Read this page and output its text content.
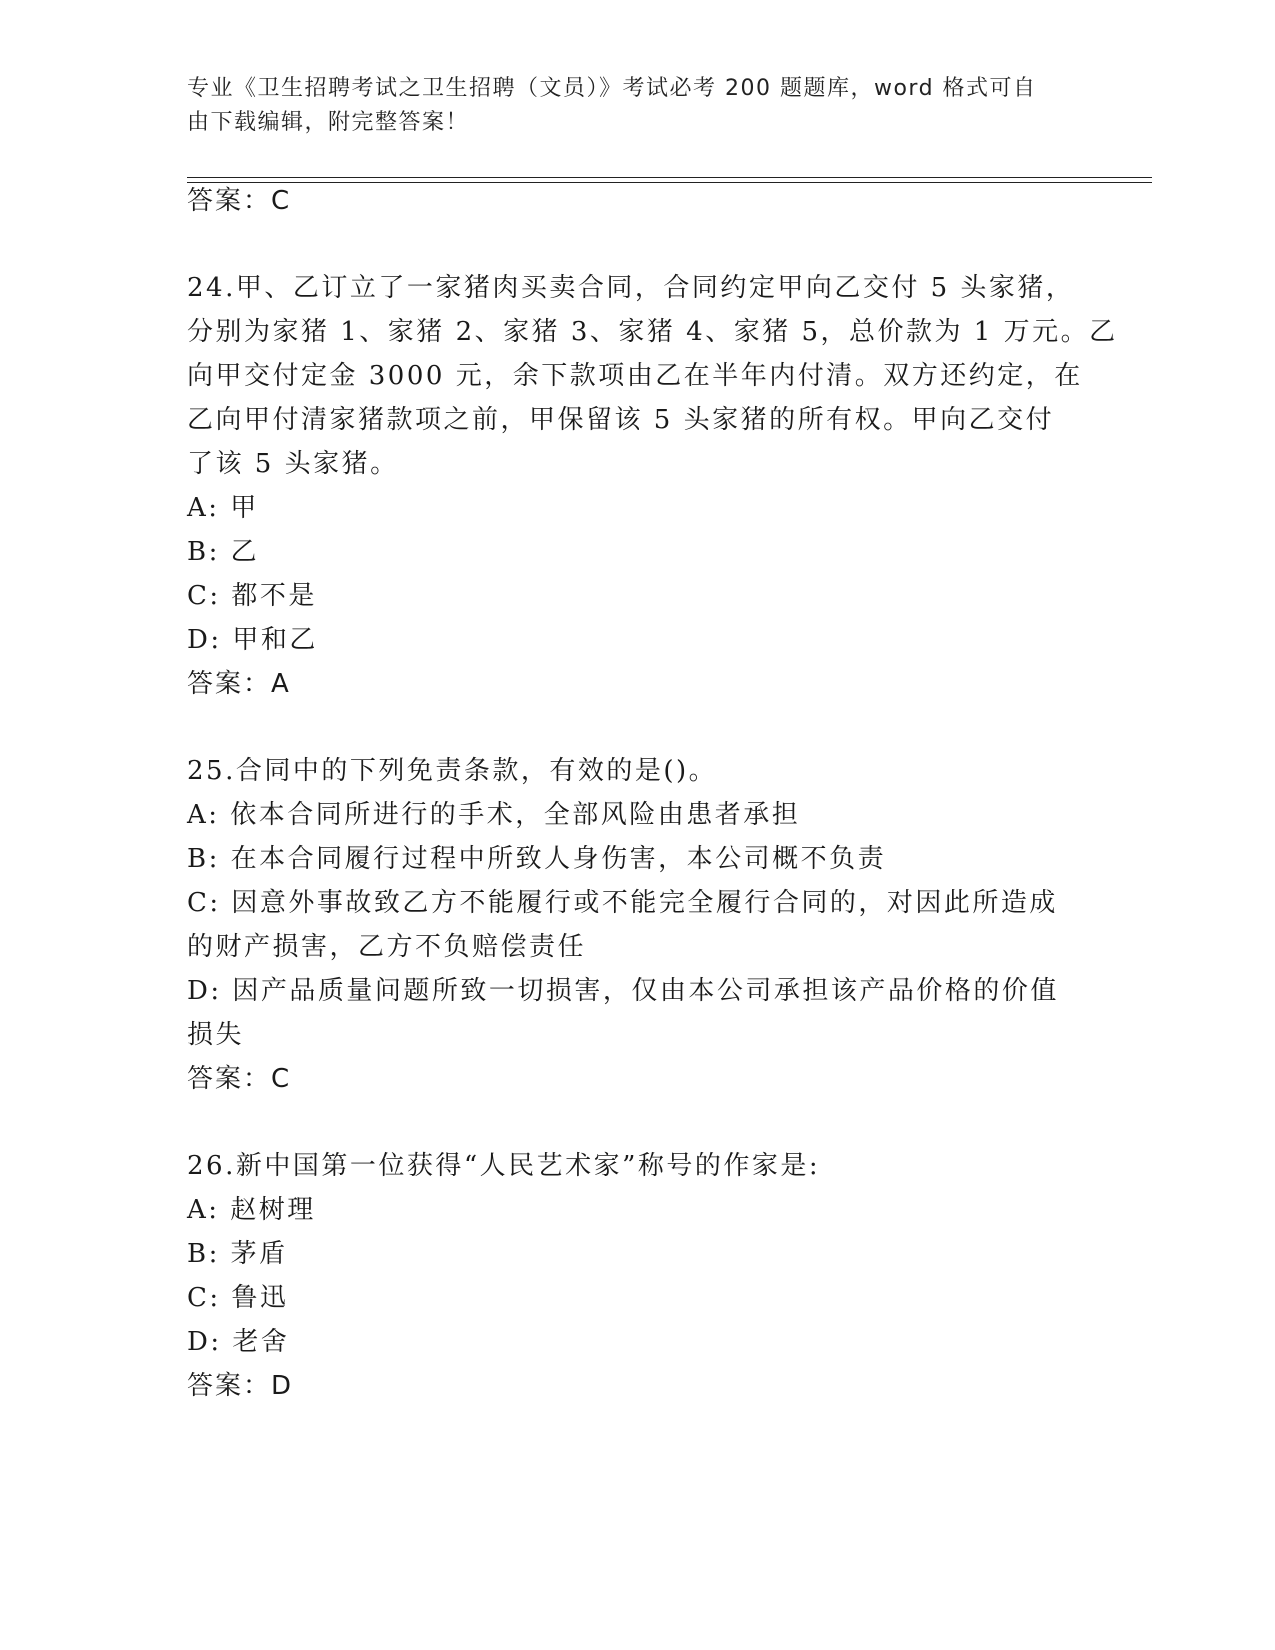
专业《卫生招聘考试之卫生招聘（文员）》考试必考 200 题题库，word 格式可自
由下载编辑，附完整答案！
答案：C
24.甲、乙订立了一家猪肉买卖合同，合同约定甲向乙交付 5 头家猪，
分别为家猪 1、家猪 2、家猪 3、家猪 4、家猪 5，总价款为 1 万元。乙
向甲交付定金 3000 元，余下款项由乙在半年内付清。双方还约定，在
乙向甲付清家猪款项之前，甲保留该 5 头家猪的所有权。甲向乙交付
了该 5 头家猪。
A: 甲
B: 乙
C: 都不是
D: 甲和乙
答案：A
25.合同中的下列免责条款，有效的是()。
A: 依本合同所进行的手术，全部风险由患者承担
B: 在本合同履行过程中所致人身伤害，本公司概不负责
C: 因意外事故致乙方不能履行或不能完全履行合同的，对因此所造成
的财产损害，乙方不负赔偿责任
D: 因产品质量问题所致一切损害，仅由本公司承担该产品价格的价值
损失
答案：C
26.新中国第一位获得“人民艺术家”称号的作家是:
A: 赵树理
B: 茅盾
C: 鲁迅
D: 老舍
答案：D
